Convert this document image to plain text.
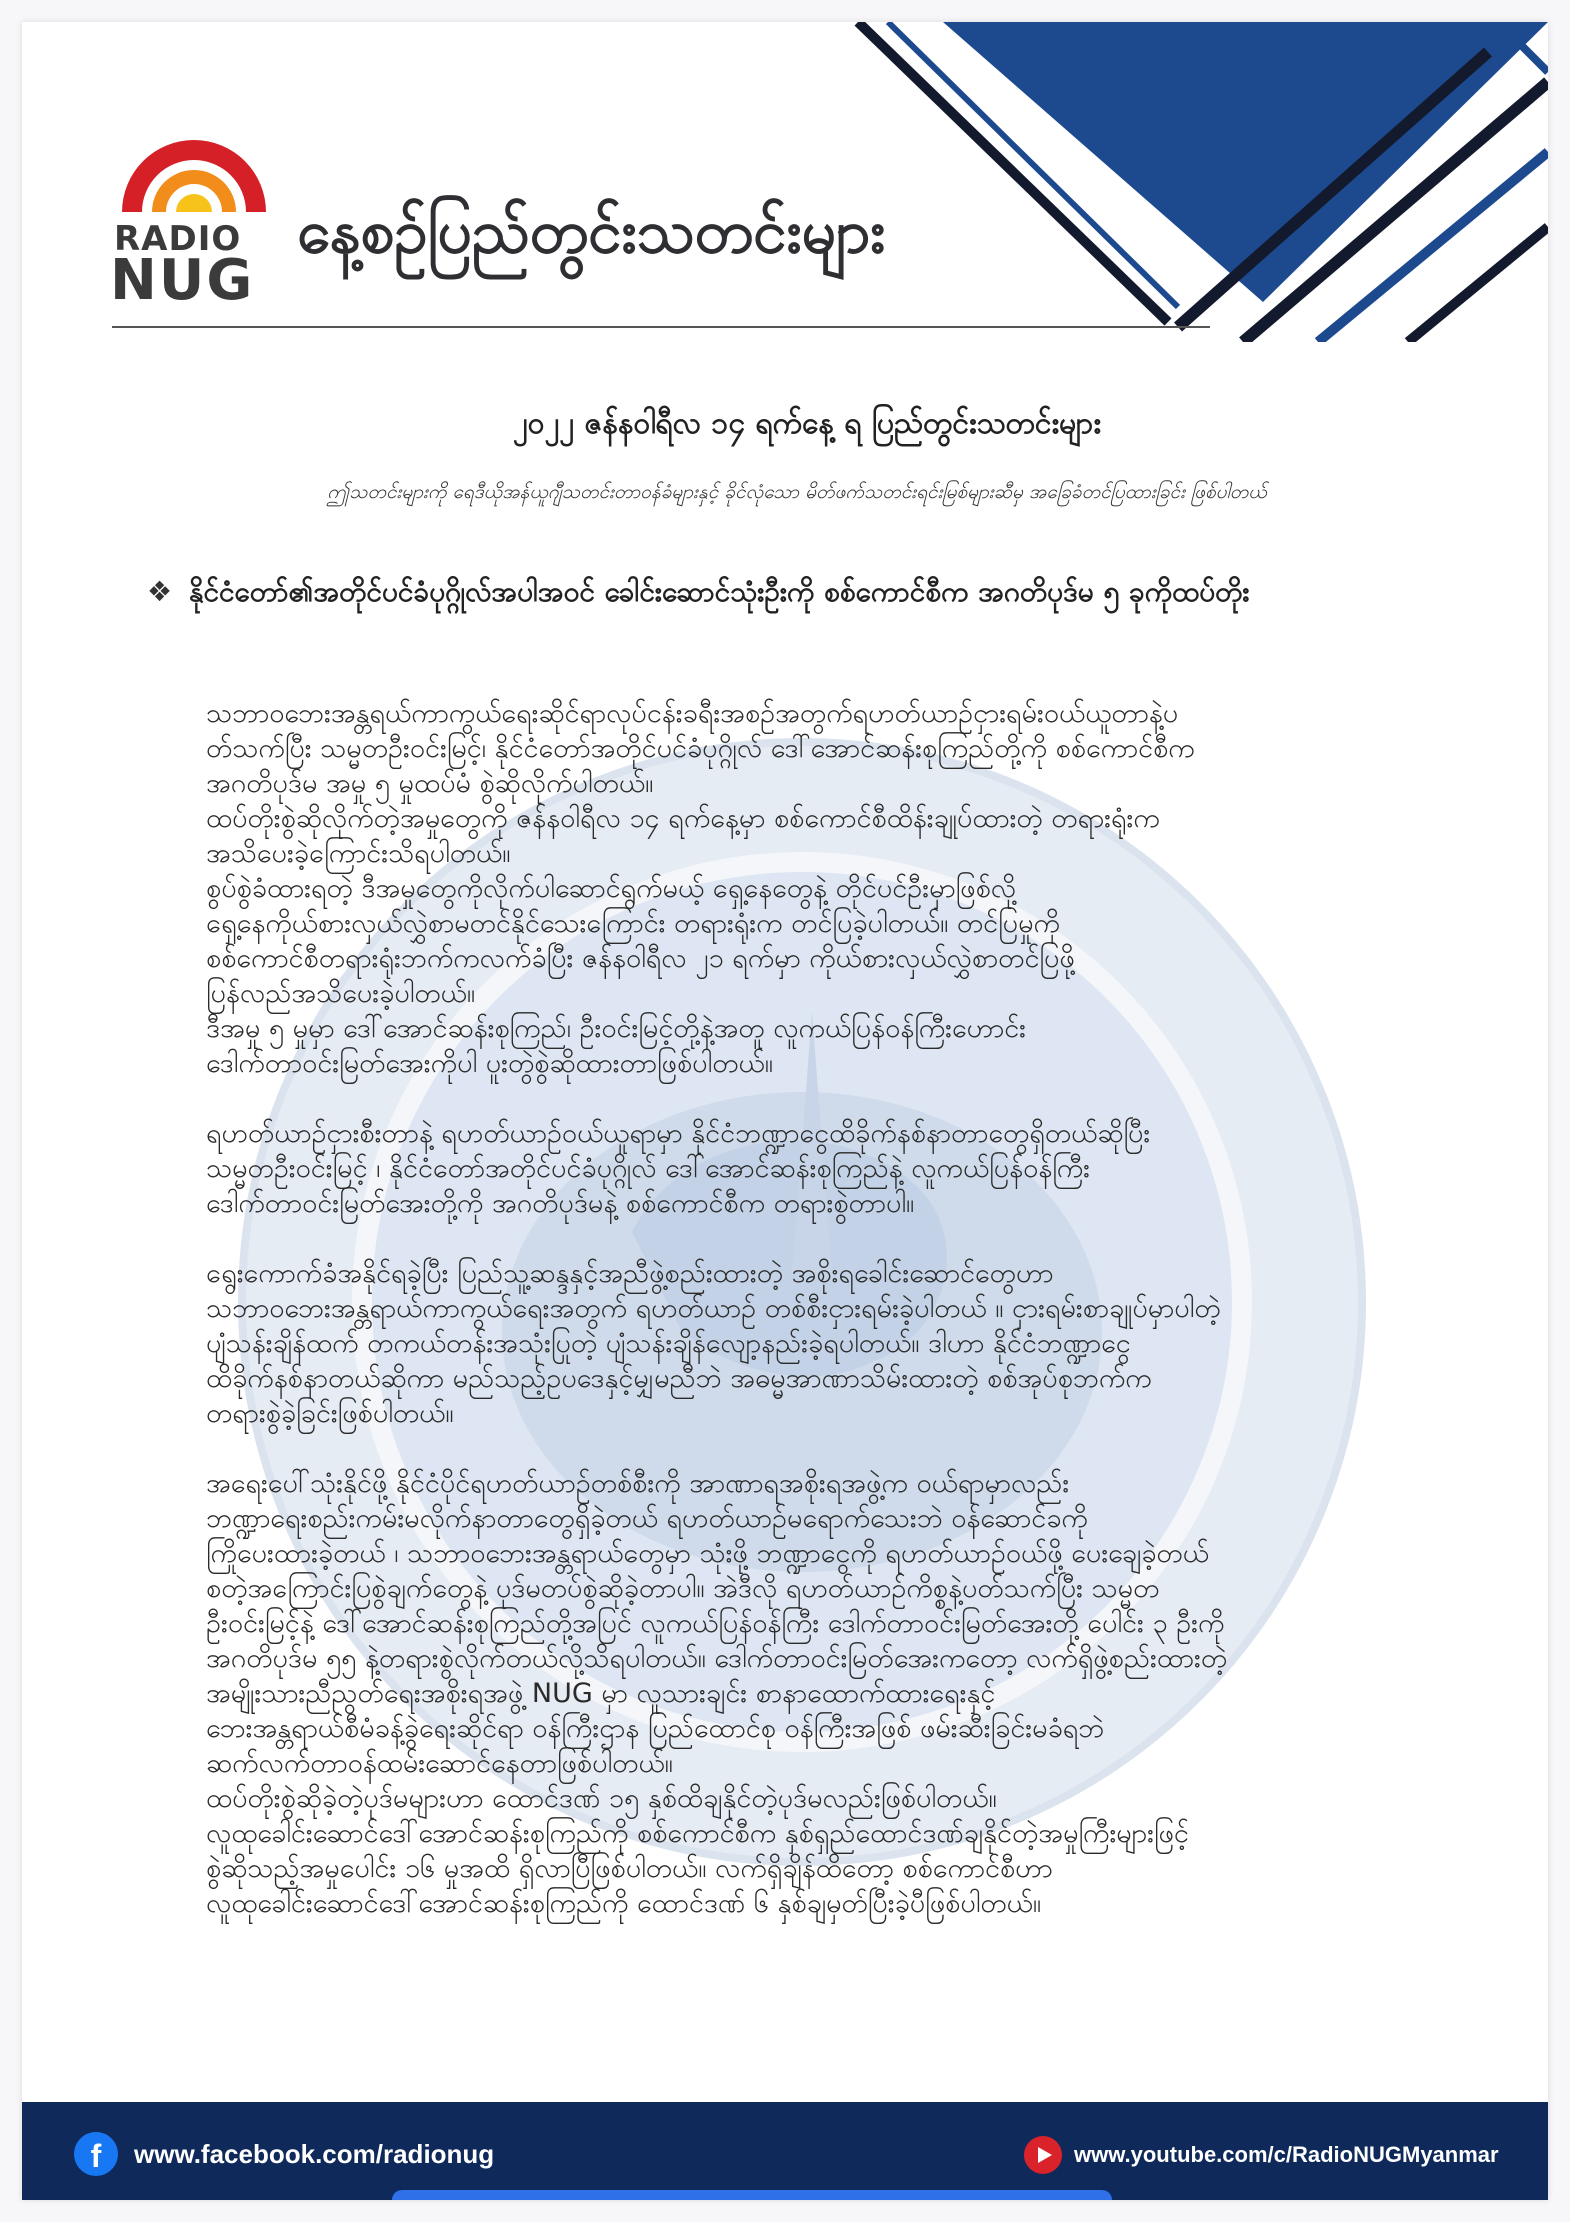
RADIO
NUG
နေ့စဉ်ပြည်တွင်းသတင်းများ
၂၀၂၂ ဇန်နဝါရီလ ၁၄ ရက်နေ့ ရ ပြည်တွင်းသတင်းများ
ဤသတင်းများကို ရေဒီယိုအန်ယူဂျီသတင်းတာဝန်ခံများနှင့် ခိုင်လုံသော မိတ်ဖက်သတင်းရင်းမြစ်များဆီမှ အခြေခံတင်ပြထားခြင်း ဖြစ်ပါတယ်
❖ နိုင်ငံတော်၏အတိုင်ပင်ခံပုဂ္ဂိုလ်အပါအဝင် ခေါင်းဆောင်သုံးဦးကို စစ်ကောင်စီက အဂတိပုဒ်မ ၅ ခုကိုထပ်တိုး

သဘာဝဘေးအန္တရယ်ကာကွယ်ရေးဆိုင်ရာလုပ်ငန်းခရီးအစဉ်အတွက်ရဟတ်ယာဉ်ငှားရမ်းဝယ်ယူတာနဲ့ပ
တ်သက်ပြီး သမ္မတဦးဝင်းမြင့်၊ နိုင်ငံတော်အတိုင်ပင်ခံပုဂ္ဂိုလ် ဒေါ်အောင်ဆန်းစုကြည်တို့ကို စစ်ကောင်စီက
အဂတိပုဒ်မ အမှု ၅ မှုထပ်မံ စွဲဆိုလိုက်ပါတယ်။
ထပ်တိုးစွဲဆိုလိုက်တဲ့အမှုတွေကို ဇန်နဝါရီလ ၁၄ ရက်နေ့မှာ စစ်ကောင်စီထိန်းချုပ်ထားတဲ့ တရားရုံးက
အသိပေးခဲ့ကြောင်းသိရပါတယ်။
စွပ်စွဲခံထားရတဲ့ ဒီအမှုတွေကိုလိုက်ပါဆောင်ရွက်မယ့် ရှေ့နေတွေနဲ့ တိုင်ပင်ဦးမှာဖြစ်လို့
ရှေ့နေကိုယ်စားလှယ်လွှဲစာမတင်နိုင်သေးကြောင်း တရားရုံးက တင်ပြခဲ့ပါတယ်။ တင်ပြမှုကို
စစ်ကောင်စီတရားရုံးဘက်ကလက်ခံပြီး ဇန်နဝါရီလ ၂၁ ရက်မှာ ကိုယ်စားလှယ်လွှဲစာတင်ပြဖို့
ပြန်လည်အသိပေးခဲ့ပါတယ်။
ဒီအမှု ၅ မှုမှာ ဒေါ်အောင်ဆန်းစုကြည်၊ ဦးဝင်းမြင့်တို့နဲ့အတူ လူကယ်ပြန်ဝန်ကြီးဟောင်း
ဒေါက်တာဝင်းမြတ်အေးကိုပါ ပူးတွဲစွဲဆိုထားတာဖြစ်ပါတယ်။

ရဟတ်ယာဉ်ငှားစီးတာနဲ့ ရဟတ်ယာဉ်ဝယ်ယူရာမှာ နိုင်ငံဘဏ္ဍာငွေထိခိုက်နစ်နာတာတွေရှိတယ်ဆိုပြီး
သမ္မတဦးဝင်းမြင့် ၊ နိုင်ငံတော်အတိုင်ပင်ခံပုဂ္ဂိုလ် ဒေါ်အောင်ဆန်းစုကြည်နဲ့ လူကယ်ပြန်ဝန်ကြီး
ဒေါက်တာဝင်းမြတ်အေးတို့ကို အဂတိပုဒ်မနဲ့ စစ်ကောင်စီက တရားစွဲတာပါ။

ရွေးကောက်ခံအနိုင်ရခဲ့ပြီး ပြည်သူ့ဆန္ဒနှင့်အညီဖွဲ့စည်းထားတဲ့ အစိုးရခေါင်းဆောင်တွေဟာ
သဘာဝဘေးအန္တရာယ်ကာကွယ်ရေးအတွက် ရဟတ်ယာဉ် တစ်စီးငှားရမ်းခဲ့ပါတယ် ။ ငှားရမ်းစာချုပ်မှာပါတဲ့
ပျံသန်းချိန်ထက် တကယ်တန်းအသုံးပြုတဲ့ ပျံသန်းချိန်လျော့နည်းခဲ့ရပါတယ်။ ဒါဟာ နိုင်ငံဘဏ္ဍာငွေ
ထိခိုက်နစ်နာတယ်ဆိုကာ မည်သည့်ဥပဒေနှင့်မျှမညီဘဲ အဓမ္မအာဏာသိမ်းထားတဲ့ စစ်အုပ်စုဘက်က
တရားစွဲခဲ့ခြင်းဖြစ်ပါတယ်။

အရေးပေါ်သုံးနိုင်ဖို့ နိုင်ငံပိုင်ရဟတ်ယာဉ်တစ်စီးကို အာဏာရအစိုးရအဖွဲ့က ဝယ်ရာမှာလည်း
ဘဏ္ဍာရေးစည်းကမ်းမလိုက်နာတာတွေရှိခဲ့တယ် ရဟတ်ယာဉ်မရောက်သေးဘဲ ဝန်ဆောင်ခကို
ကြိုပေးထားခဲ့တယ် ၊ သဘာဝဘေးအန္တရာယ်တွေမှာ သုံးဖို့ ဘဏ္ဍာငွေကို ရဟတ်ယာဉ်ဝယ်ဖို့ ပေးချေခဲ့တယ်
စတဲ့အကြောင်းပြစွဲချက်တွေနဲ့ ပုဒ်မတပ်စွဲဆိုခဲ့တာပါ။ အဲဒီလို ရဟတ်ယာဉ်ကိစ္စနဲ့ပတ်သက်ပြီး သမ္မတ
ဦးဝင်းမြင့်နဲ့ ဒေါ်အောင်ဆန်းစုကြည်တို့အပြင် လူကယ်ပြန်ဝန်ကြီး ဒေါက်တာဝင်းမြတ်အေးတို့ ပေါင်း ၃ ဦးကို
အဂတိပုဒ်မ ၅၅ နဲ့တရားစွဲလိုက်တယ်လို့သိရပါတယ်။ ဒေါက်တာဝင်းမြတ်အေးကတော့ လက်ရှိဖွဲ့စည်းထားတဲ့
အမျိုးသားညီညွတ်ရေးအစိုးရအဖွဲ့ NUG မှာ လူသားချင်း စာနာထောက်ထားရေးနှင့်
ဘေးအန္တရာယ်စီမံခန့်ခွဲရေးဆိုင်ရာ ဝန်ကြီးဌာန ပြည်ထောင်စု ဝန်ကြီးအဖြစ် ဖမ်းဆီးခြင်းမခံရဘဲ
ဆက်လက်တာဝန်ထမ်းဆောင်နေတာဖြစ်ပါတယ်။
ထပ်တိုးစွဲဆိုခဲ့တဲ့ပုဒ်မများဟာ ထောင်ဒဏ် ၁၅ နှစ်ထိချနိုင်တဲ့ပုဒ်မလည်းဖြစ်ပါတယ်။
လူထုခေါင်းဆောင်ဒေါ်အောင်ဆန်းစုကြည်ကို စစ်ကောင်စီက နှစ်ရှည်ထောင်ဒဏ်ချနိုင်တဲ့အမှုကြီးများဖြင့်
စွဲဆိုသည့်အမှုပေါင်း ၁၆ မှုအထိ ရှိလာပြီဖြစ်ပါတယ်။ လက်ရှိချိန်ထိတော့ စစ်ကောင်စီဟာ
လူထုခေါင်းဆောင်ဒေါ်အောင်ဆန်းစုကြည်ကို ထောင်ဒဏ် ၆ နှစ်ချမှတ်ပြီးခဲ့ပီဖြစ်ပါတယ်။

f	www.facebook.com/radionug	www.youtube.com/c/RadioNUGMyanmar
